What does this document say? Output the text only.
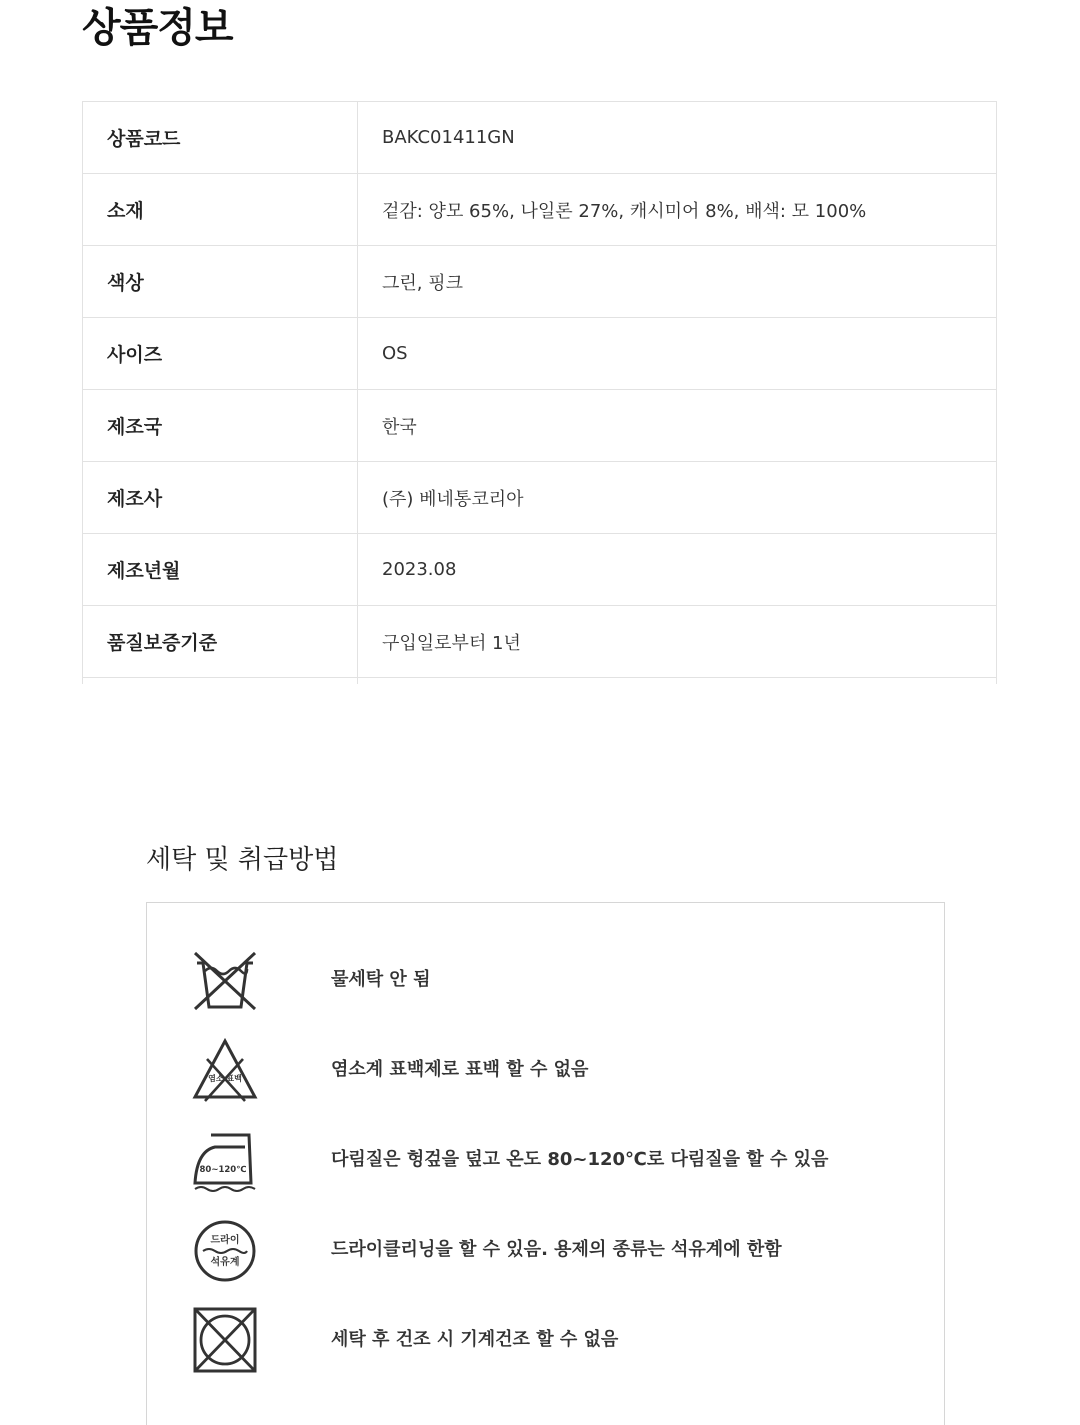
상품정보
상품코드	BAKC01411GN
소재	겉감: 양모 65%, 나일론 27%, 캐시미어 8%, 배색: 모 100%
색상	그린, 핑크
사이즈	OS
제조국	한국
제조사	(주) 베네통코리아
제조년월	2023.08
품질보증기준	구입일로부터 1년

세탁 및 취급방법
물세탁 안 됨
염소 표백	염소계 표백제로 표백 할 수 없음
80~120℃	다림질은 헝겊을 덮고 온도 80~120℃로 다림질을 할 수 있음
드라이
석유계
드라이클리닝을 할 수 있음. 용제의 종류는 석유계에 한함
세탁 후 건조 시 기계건조 할 수 없음
